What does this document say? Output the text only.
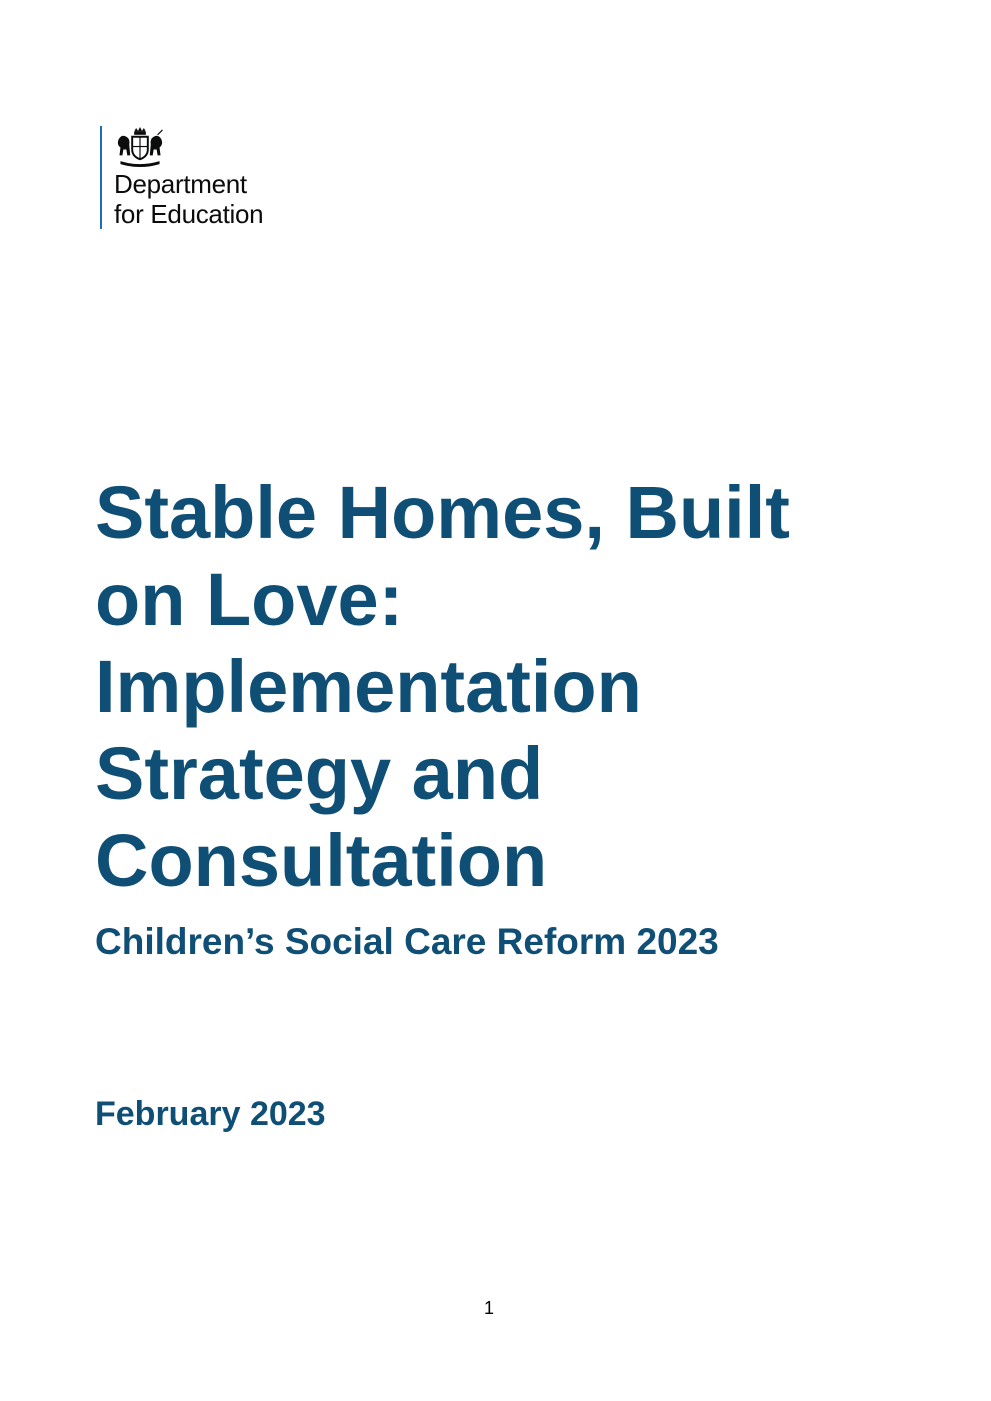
Department
for Education
Stable Homes, Built
on Love:
Implementation
Strategy and
Consultation
Children’s Social Care Reform 2023
February 2023
1
